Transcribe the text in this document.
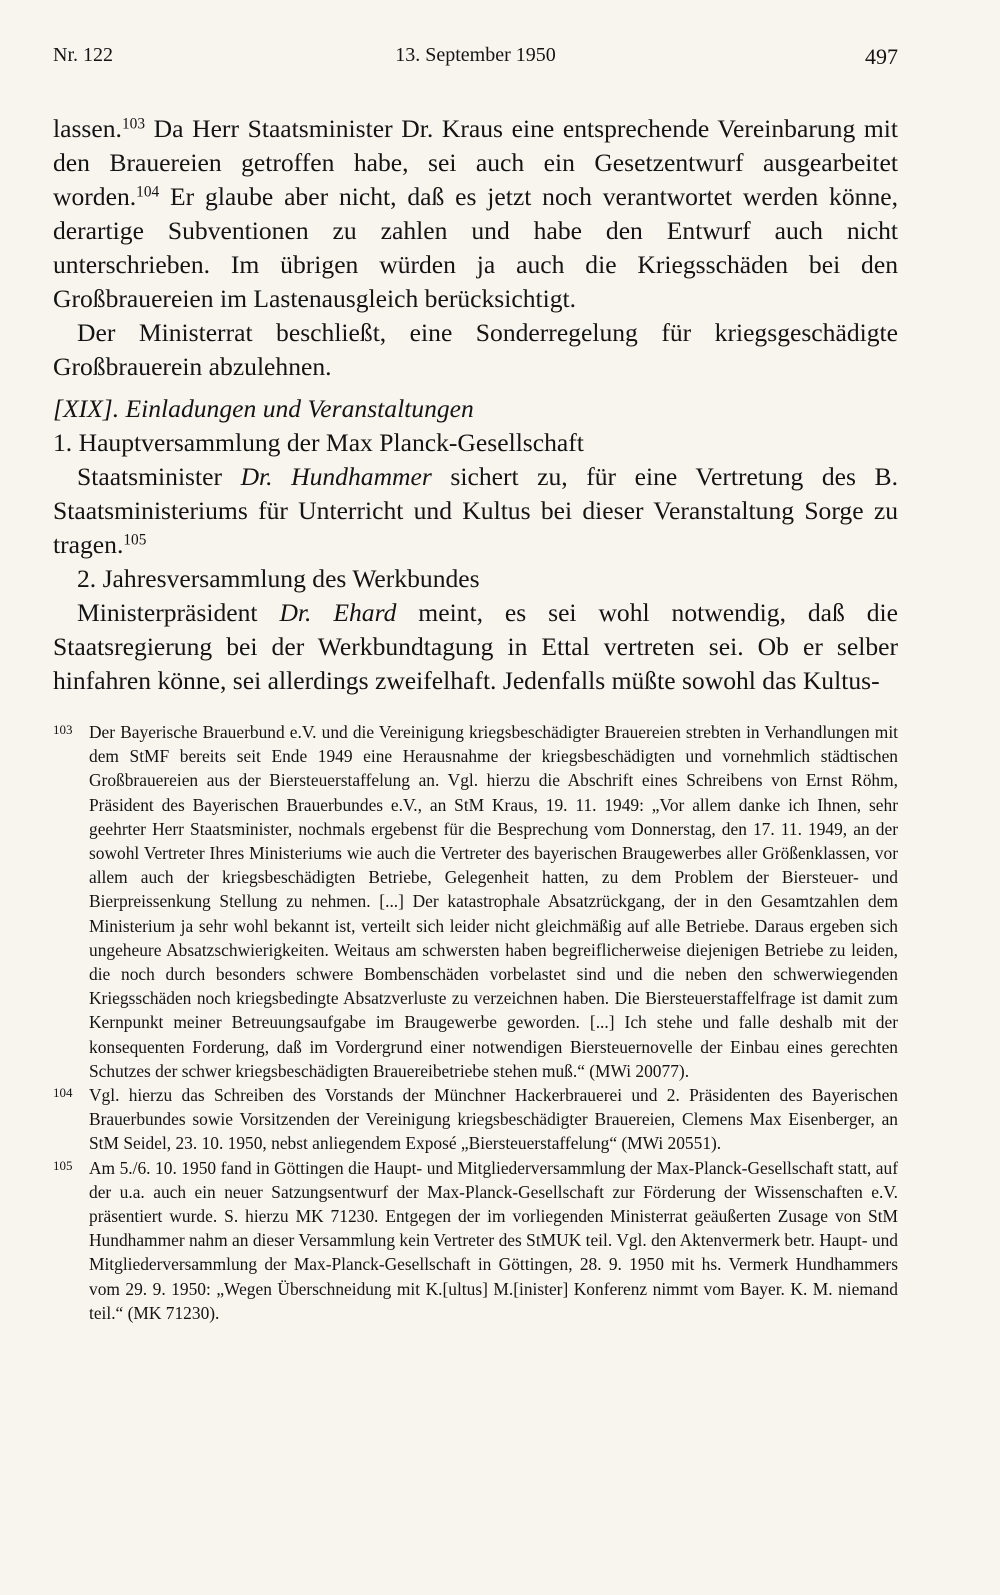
Nr. 122	13. September 1950	497

lassen.$^{103}$ Da Herr Staatsminister Dr. Kraus eine entsprechende Vereinbarung mit den Brauereien getroffen habe, sei auch ein Gesetzentwurf ausgearbeitet worden.$^{104}$ Er glaube aber nicht, daß es jetzt noch verantwortet werden könne, derartige Subventionen zu zahlen und habe den Entwurf auch nicht unterschrieben. Im übrigen würden ja auch die Kriegsschäden bei den Großbrauereien im Lastenausgleich berücksichtigt.

Der Ministerrat beschließt, eine Sonderregelung für kriegsgeschädigte Großbrauerein abzulehnen.

[XIX]. Einladungen und Veranstaltungen

1. Hauptversammlung der Max Planck-Gesellschaft

Staatsminister Dr. Hundhammer sichert zu, für eine Vertretung des B. Staatsministeriums für Unterricht und Kultus bei dieser Veranstaltung Sorge zu tragen.$^{105}$

2. Jahresversammlung des Werkbundes

Ministerpräsident Dr. Ehard meint, es sei wohl notwendig, daß die Staatsregierung bei der Werkbundtagung in Ettal vertreten sei. Ob er selber hinfahren könne, sei allerdings zweifelhaft. Jedenfalls müßte sowohl das Kultus-

103 Der Bayerische Brauerbund e.V. und die Vereinigung kriegsbeschädigter Brauereien strebten in Verhandlungen mit dem StMF bereits seit Ende 1949 eine Herausnahme der kriegsbeschädigten und vornehmlich städtischen Großbrauereien aus der Biersteuerstaffelung an. Vgl. hierzu die Abschrift eines Schreibens von Ernst Röhm, Präsident des Bayerischen Brauerbundes e.V., an StM Kraus, 19. 11. 1949: „Vor allem danke ich Ihnen, sehr geehrter Herr Staatsminister, nochmals ergebenst für die Besprechung vom Donnerstag, den 17. 11. 1949, an der sowohl Vertreter Ihres Ministeriums wie auch die Vertreter des bayerischen Braugewerbes aller Größenklassen, vor allem auch der kriegsbeschädigten Betriebe, Gelegenheit hatten, zu dem Problem der Biersteuer- und Bierpreissenkung Stellung zu nehmen. [...] Der katastrophale Absatzrückgang, der in den Gesamtzahlen dem Ministerium ja sehr wohl bekannt ist, verteilt sich leider nicht gleichmäßig auf alle Betriebe. Daraus ergeben sich ungeheure Absatzschwierigkeiten. Weitaus am schwersten haben begreiflicherweise diejenigen Betriebe zu leiden, die noch durch besonders schwere Bombenschäden vorbelastet sind und die neben den schwerwiegenden Kriegsschäden noch kriegsbedingte Absatzverluste zu verzeichnen haben. Die Biersteuerstaffelfrage ist damit zum Kernpunkt meiner Betreuungsaufgabe im Braugewerbe geworden. [...] Ich stehe und falle deshalb mit der konsequenten Forderung, daß im Vordergrund einer notwendigen Biersteuernovelle der Einbau eines gerechten Schutzes der schwer kriegsbeschädigten Brauereibetriebe stehen muß.“ (MWi 20077).
104 Vgl. hierzu das Schreiben des Vorstands der Münchner Hackerbrauerei und 2. Präsidenten des Bayerischen Brauerbundes sowie Vorsitzenden der Vereinigung kriegsbeschädigter Brauereien, Clemens Max Eisenberger, an StM Seidel, 23. 10. 1950, nebst anliegendem Exposé „Biersteuerstaffelung“ (MWi 20551).
105 Am 5./6. 10. 1950 fand in Göttingen die Haupt- und Mitgliederversammlung der Max-Planck-Gesellschaft statt, auf der u.a. auch ein neuer Satzungsentwurf der Max-Planck-Gesellschaft zur Förderung der Wissenschaften e.V. präsentiert wurde. S. hierzu MK 71230. Entgegen der im vorliegenden Ministerrat geäußerten Zusage von StM Hundhammer nahm an dieser Versammlung kein Vertreter des StMUK teil. Vgl. den Aktenvermerk betr. Haupt- und Mitgliederversammlung der Max-Planck-Gesellschaft in Göttingen, 28. 9. 1950 mit hs. Vermerk Hundhammers vom 29. 9. 1950: „Wegen Überschneidung mit K.[ultus] M.[inister] Konferenz nimmt vom Bayer. K. M. niemand teil.“ (MK 71230).
